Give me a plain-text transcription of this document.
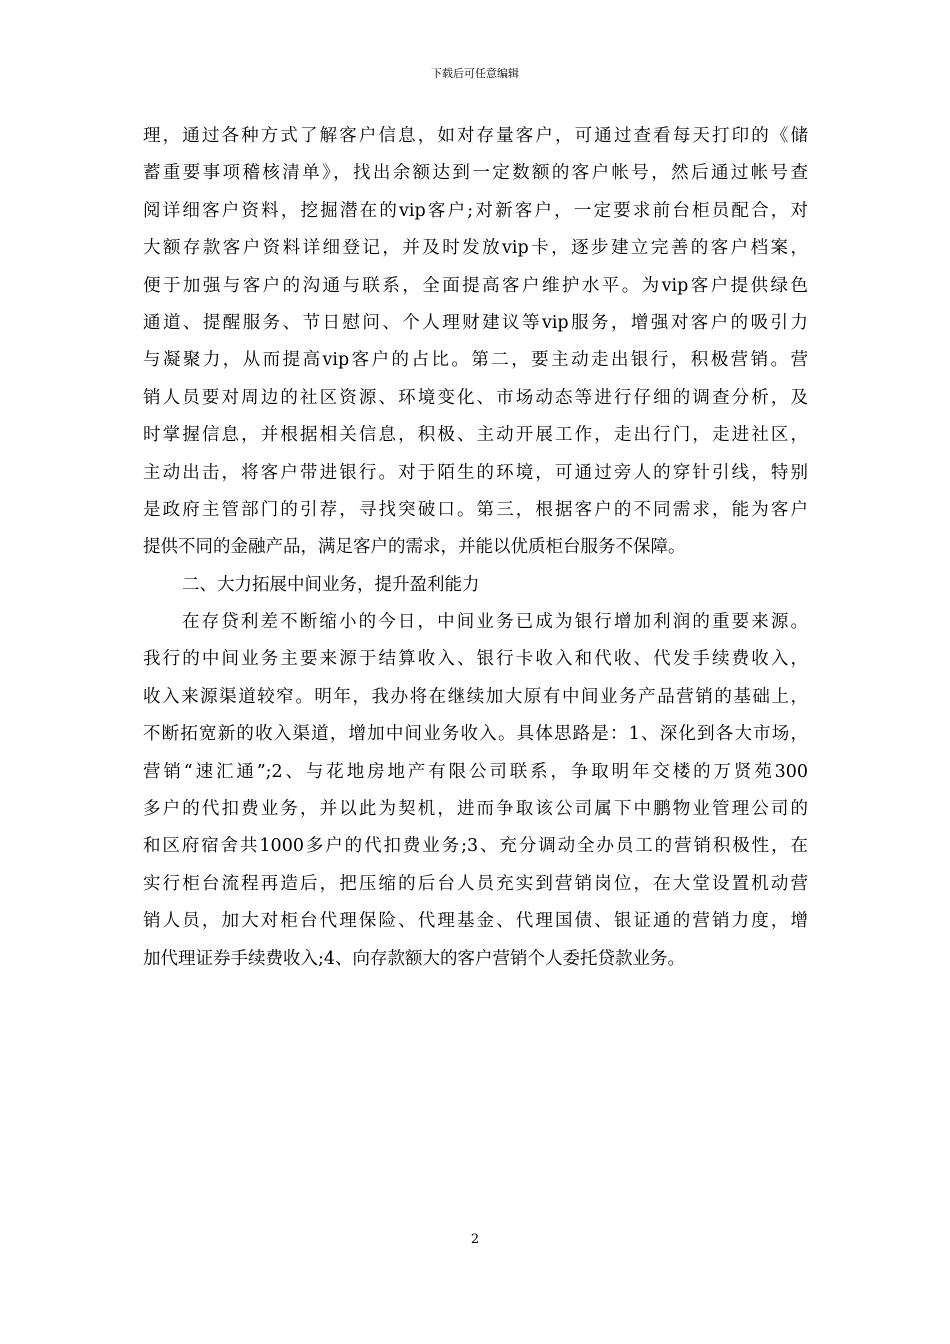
下载后可任意编辑
理，通过各种方式了解客户信息，如对存量客户，可通过查看每天打印的《储
蓄重要事项稽核清单》，找出余额达到一定数额的客户帐号，然后通过帐号查
阅详细客户资料，挖掘潜在的vip客户;对新客户，一定要求前台柜员配合，对
大额存款客户资料详细登记，并及时发放vip卡，逐步建立完善的客户档案，
便于加强与客户的沟通与联系，全面提高客户维护水平。为vip客户提供绿色
通道、提醒服务、节日慰问、个人理财建议等vip服务，增强对客户的吸引力
与凝聚力，从而提高vip客户的占比。第二，要主动走出银行，积极营销。营
销人员要对周边的社区资源、环境变化、市场动态等进行仔细的调查分析，及
时掌握信息，并根据相关信息，积极、主动开展工作，走出行门，走进社区，
主动出击，将客户带进银行。对于陌生的环境，可通过旁人的穿针引线，特别
是政府主管部门的引荐，寻找突破口。第三，根据客户的不同需求，能为客户
提供不同的金融产品，满足客户的需求，并能以优质柜台服务不保障。
二、大力拓展中间业务，提升盈利能力
在存贷利差不断缩小的今日，中间业务已成为银行增加利润的重要来源。
我行的中间业务主要来源于结算收入、银行卡收入和代收、代发手续费收入，
收入来源渠道较窄。明年，我办将在继续加大原有中间业务产品营销的基础上，
不断拓宽新的收入渠道，增加中间业务收入。具体思路是：1、深化到各大市场，
营销“速汇通”;2、与花地房地产有限公司联系，争取明年交楼的万贤苑300
多户的代扣费业务，并以此为契机，进而争取该公司属下中鹏物业管理公司的
和区府宿舍共1000多户的代扣费业务;3、充分调动全办员工的营销积极性，在
实行柜台流程再造后，把压缩的后台人员充实到营销岗位，在大堂设置机动营
销人员，加大对柜台代理保险、代理基金、代理国债、银证通的营销力度，增
加代理证券手续费收入;4、向存款额大的客户营销个人委托贷款业务。
2
